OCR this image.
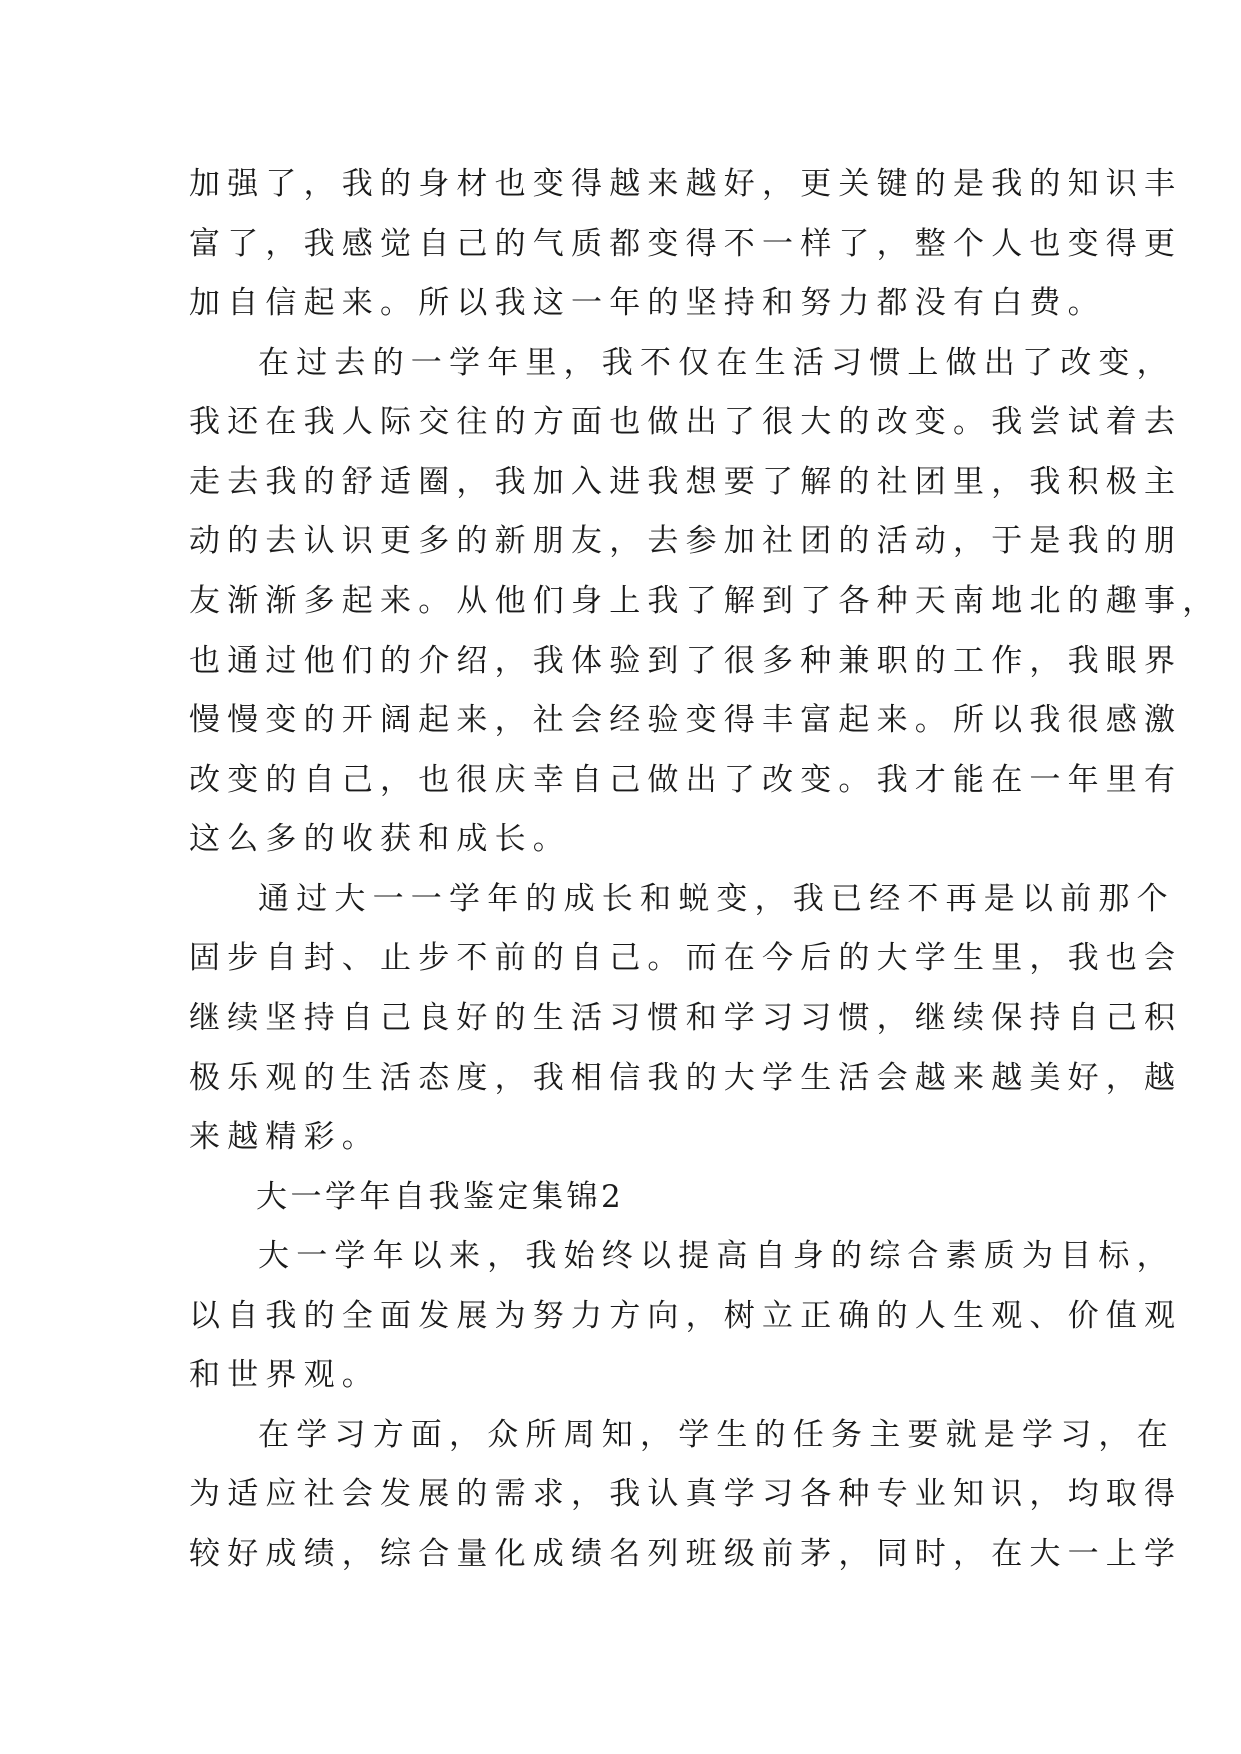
加强了，我的身材也变得越来越好，更关键的是我的知识丰
富了，我感觉自己的气质都变得不一样了，整个人也变得更
加自信起来。所以我这一年的坚持和努力都没有白费。
在过去的一学年里，我不仅在生活习惯上做出了改变，
我还在我人际交往的方面也做出了很大的改变。我尝试着去
走去我的舒适圈，我加入进我想要了解的社团里，我积极主
动的去认识更多的新朋友，去参加社团的活动，于是我的朋
友渐渐多起来。从他们身上我了解到了各种天南地北的趣事，
也通过他们的介绍，我体验到了很多种兼职的工作，我眼界
慢慢变的开阔起来，社会经验变得丰富起来。所以我很感激
改变的自己，也很庆幸自己做出了改变。我才能在一年里有
这么多的收获和成长。
通过大一一学年的成长和蜕变，我已经不再是以前那个
固步自封、止步不前的自己。而在今后的大学生里，我也会
继续坚持自己良好的生活习惯和学习习惯，继续保持自己积
极乐观的生活态度，我相信我的大学生活会越来越美好，越
来越精彩。
大一学年自我鉴定集锦2
大一学年以来，我始终以提高自身的综合素质为目标，
以自我的全面发展为努力方向，树立正确的人生观、价值观
和世界观。
在学习方面，众所周知，学生的任务主要就是学习，在
为适应社会发展的需求，我认真学习各种专业知识，均取得
较好成绩，综合量化成绩名列班级前茅，同时，在大一上学
